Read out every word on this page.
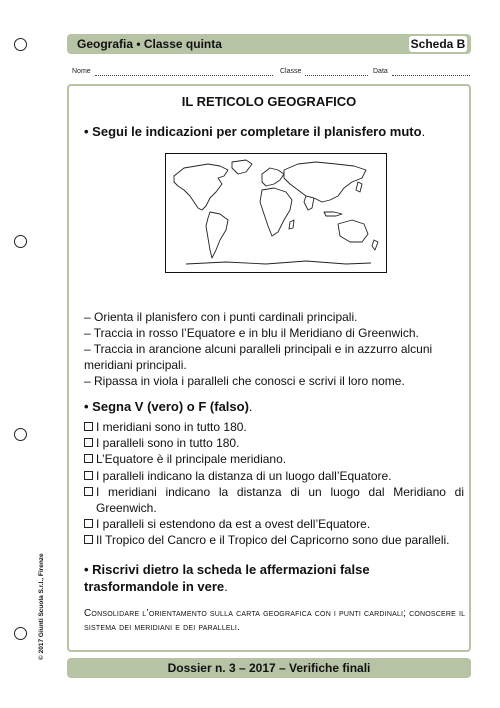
Geografia • Classe quinta	Scheda B
Nome	Classe	Data
IL RETICOLO GEOGRAFICO
• Segui le indicazioni per completare il planisfero muto.
– Orienta il planisfero con i punti cardinali principali.
– Traccia in rosso l’Equatore e in blu il Meridiano di Greenwich.
– Traccia in arancione alcuni paralleli principali e in azzurro alcuni
meridiani principali.
– Ripassa in viola i paralleli che conosci e scrivi il loro nome.
• Segna V (vero) o F (falso).
I meridiani sono in tutto 180.
I paralleli sono in tutto 180.
L’Equatore è il principale meridiano.
I paralleli indicano la distanza di un luogo dall’Equatore.
I meridiani indicano la distanza di un luogo dal Meridiano di Greenwich.
I paralleli si estendono da est a ovest dell’Equatore.
Il Tropico del Cancro e il Tropico del Capricorno sono due paralleli.
• Riscrivi dietro la scheda le affermazioni false
trasformandole in vere.
Consolidare l’orientamento sulla carta geografica con i punti cardinali; conoscere il sistema dei meridiani e dei paralleli.
Dossier n. 3 – 2017 – Verifiche finali
© 2017 Giunti Scuola S.r.l., Firenze
